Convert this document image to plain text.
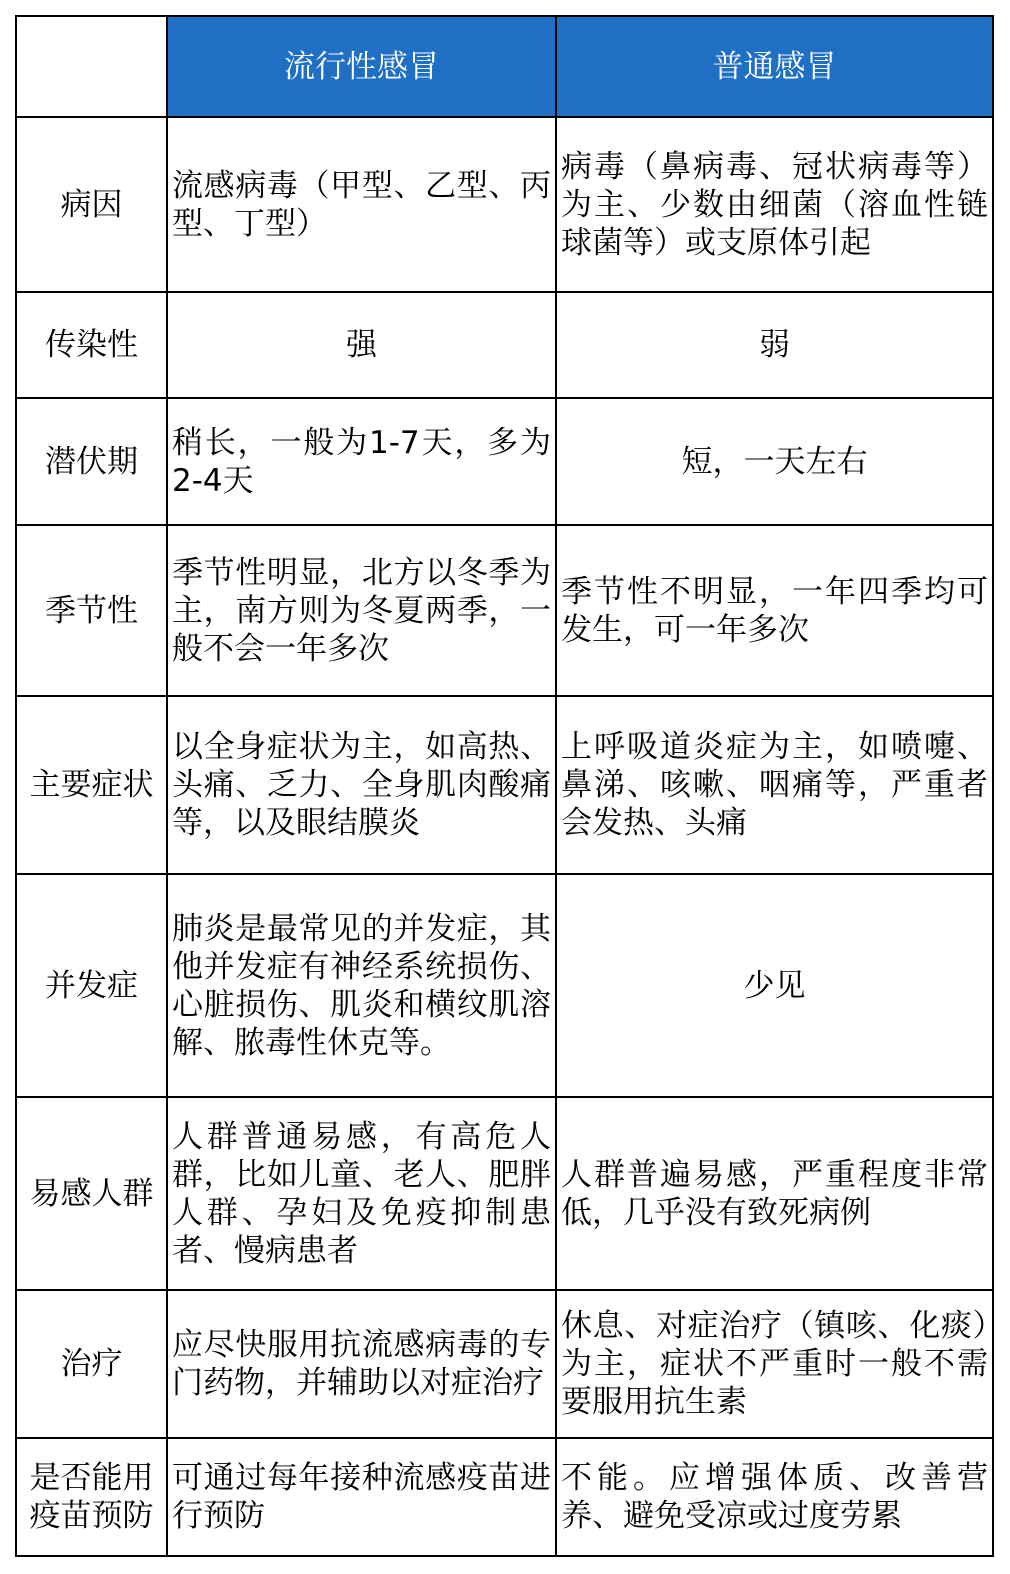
	流行性感冒	普通感冒
病因	流感病毒（甲型、乙型、丙型、丁型）	病毒（鼻病毒、冠状病毒等）为主、少数由细菌（溶血性链球菌等）或支原体引起
传染性	强	弱
潜伏期	稍长，一般为1-7天，多为2-4天	短，一天左右
季节性	季节性明显，北方以冬季为主，南方则为冬夏两季，一般不会一年多次	季节性不明显，一年四季均可发生，可一年多次
主要症状	以全身症状为主，如高热、头痛、乏力、全身肌肉酸痛等，以及眼结膜炎	上呼吸道炎症为主，如喷嚏、鼻涕、咳嗽、咽痛等，严重者会发热、头痛
并发症	肺炎是最常见的并发症，其他并发症有神经系统损伤、心脏损伤、肌炎和横纹肌溶解、脓毒性休克等。	少见
易感人群	人群普通易感，有高危人群，比如儿童、老人、肥胖人群、孕妇及免疫抑制患者、慢病患者	人群普遍易感，严重程度非常低，几乎没有致死病例
治疗	应尽快服用抗流感病毒的专门药物，并辅助以对症治疗	休息、对症治疗（镇咳、化痰）为主，症状不严重时一般不需要服用抗生素
是否能用疫苗预防	可通过每年接种流感疫苗进行预防	不能。应增强体质、改善营养、避免受凉或过度劳累
